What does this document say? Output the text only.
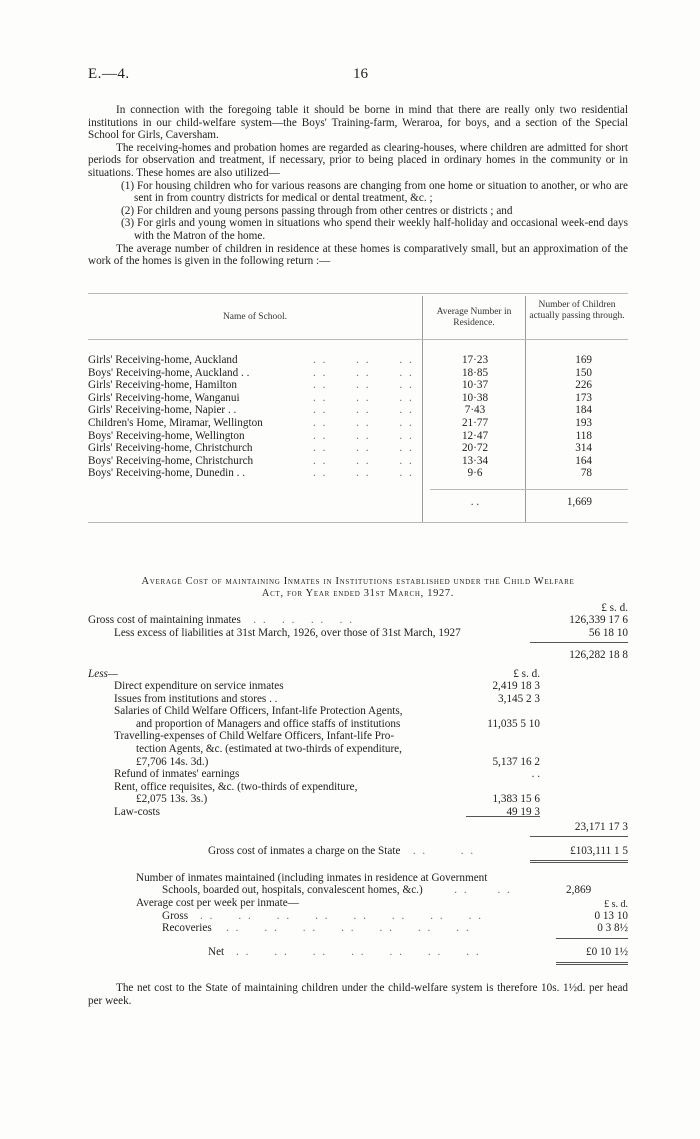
E.—4.	16

In connection with the foregoing table it should be borne in mind that there are really only two residential institutions in our child-welfare system—the Boys' Training-farm, Weraroa, for boys, and a section of the Special School for Girls, Caversham.

The receiving-homes and probation homes are regarded as clearing-houses, where children are admitted for short periods for observation and treatment, if necessary, prior to being placed in ordinary homes in the community or in situations. These homes are also utilized—

(1) For housing children who for various reasons are changing from one home or situation to another, or who are sent in from country districts for medical or dental treatment, &c. ;

(2) For children and young persons passing through from other centres or districts ; and

(3) For girls and young women in situations who spend their weekly half-holiday and occasional week-end days with the Matron of the home.

The average number of children in residence at these homes is comparatively small, but an approximation of the work of the homes is given in the following return :—

Name of School.	Average Number in Residence.
Number of Children actually passing through.
Girls' Receiving-home, Auckland	. .      . .      . .	17·23	169
Boys' Receiving-home, Auckland . .	. .      . .      . .	18·85	150
Girls' Receiving-home, Hamilton	. .      . .      . .	10·37	226
Girls' Receiving-home, Wanganui	. .      . .      . .	10·38	173
Girls' Receiving-home, Napier . .	. .      . .      . .	7·43	184
Children's Home, Miramar, Wellington	. .      . .      . .	21·77	193
Boys' Receiving-home, Wellington	. .      . .      . .	12·47	118
Girls' Receiving-home, Christchurch	. .      . .      . .	20·72	314
Boys' Receiving-home, Christchurch	. .      . .      . .	13·34	164
Boys' Receiving-home, Dunedin . .	. .      . .      . .	9·6	78
. .	1,669
Average Cost of maintaining Inmates in Institutions established under the Child Welfare
Act, for Year ended 31st March, 1927.
£ s. d.
Gross cost of maintaining inmates   . .   . .   . .   . .	126,339 17 6
Less excess of liabilities at 31st March, 1926, over those of 31st March, 1927	56 18 10
126,282 18 8
Less—	£ s. d.
Direct expenditure on service inmates	2,419 18 3
Issues from institutions and stores . .	3,145 2 3
Salaries of Child Welfare Officers, Infant-life Protection Agents,
and proportion of Managers and office staffs of institutions	11,035 5 10
Travelling-expenses of Child Welfare Officers, Infant-life Pro-
tection Agents, &c. (estimated at two-thirds of expenditure,
£7,706 14s. 3d.)	5,137 16 2
Refund of inmates' earnings	. .
Rent, office requisites, &c. (two-thirds of expenditure,
£2,075 13s. 3s.)	1,383 15 6
Law-costs	49 19 3
23,171 17 3
Gross cost of inmates a charge on the State   . .       . .	£103,111 1 5
Number of inmates maintained (including inmates in residence at Government
Schools, boarded out, hospitals, convalescent homes, &c.)       . .      . .	2,869
Average cost per week per inmate—	£ s. d.
Gross . .     . .     . .     . .     . .     . .     . .     . .	0 13 10
Recoveries . .     . .     . .     . .     . .     . .     . .	0 3 8½
Net . .     . .     . .     . .     . .     . .     . .	£0 10 1½

The net cost to the State of maintaining children under the child-welfare system is therefore 10s. 1½d. per head per week.
